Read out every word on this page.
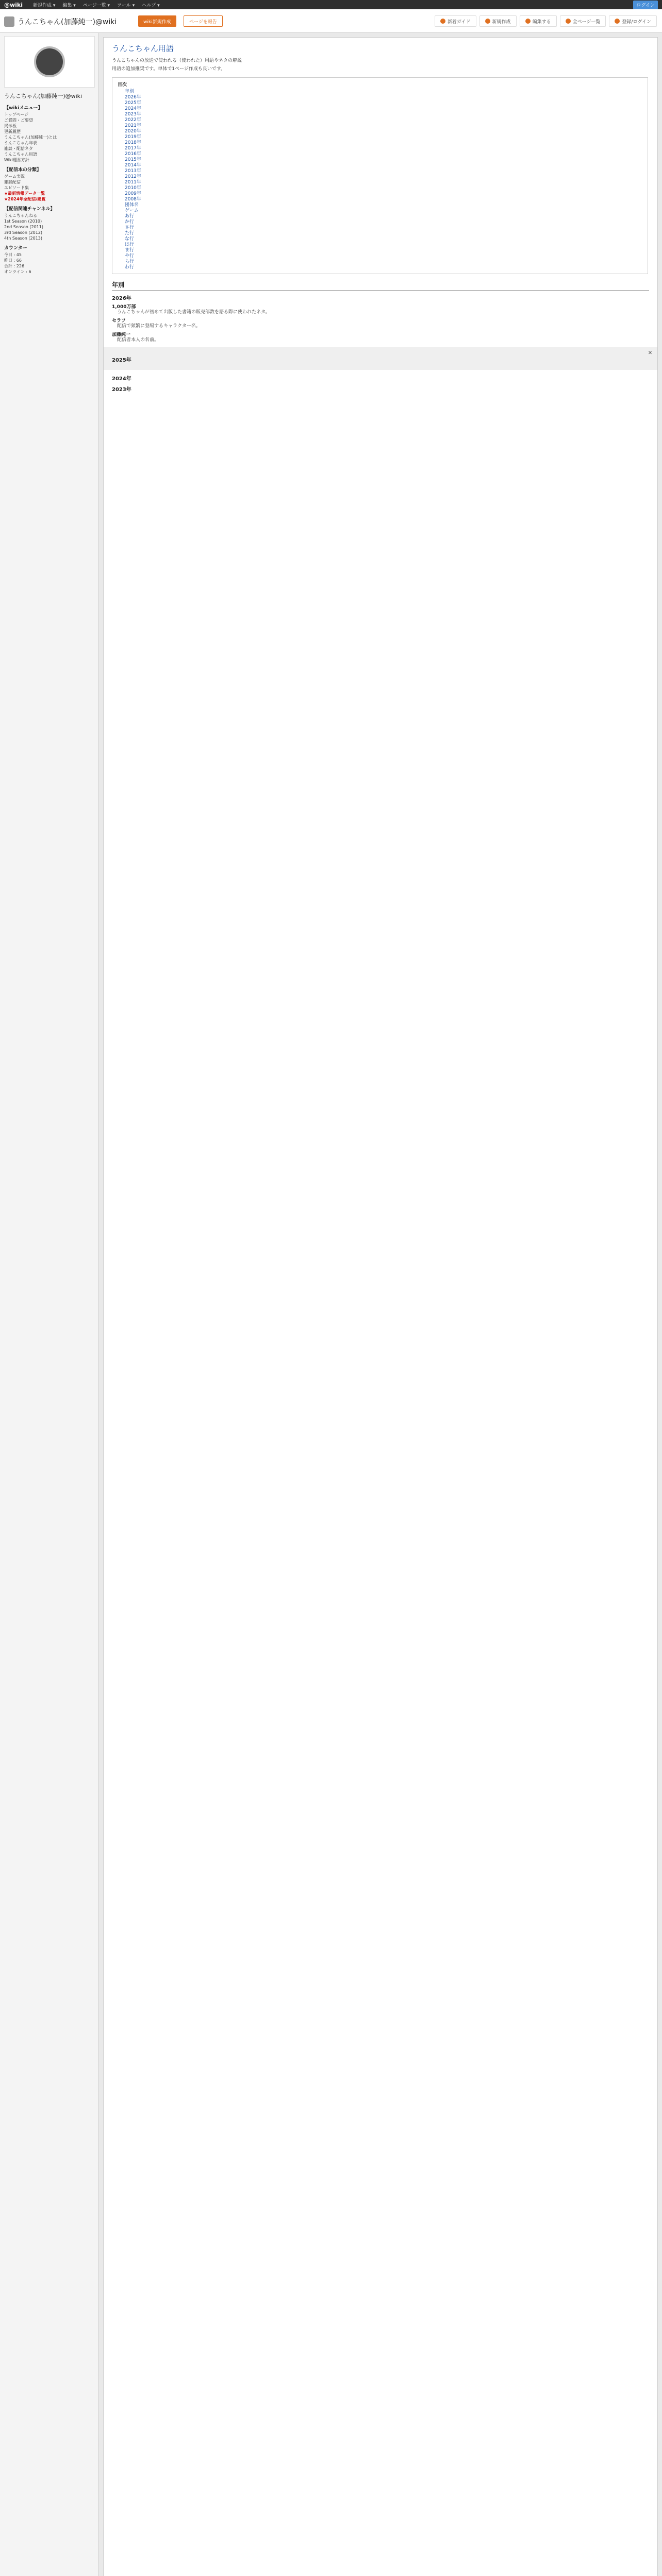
@wiki 新規作成 ▾ 編集 ▾ ページ一覧 ▾ ツール ▾ ヘルプ ▾	ログイン
うんこちゃん(加藤純一)@wiki	wiki新規作成	ページを報告	新着ガイド	新規作成	編集する	全ページ一覧	登録/ログイン
うんこちゃん(加藤純一)@wiki
【wikiメニュー】
トップページ
ご質問・ご要望
掲示板
更新履歴
うんこちゃん(加藤純一)とは
うんこちゃん年表
雑談・配信ネタ
うんこちゃん用語
Wiki運営方針
【配信本の分類】
ゲーム実況
雑談配信
エピソード集
★最新情報データ一覧
★2024年全配信/総覧
【配信関連チャンネル】
うんこちゃんねる
1st Season (2010)
2nd Season (2011)
3rd Season (2012)
4th Season (2013)
カウンター
今日 : 45
昨日 : 66
合計 : 226
オンライン : 6
うんこちゃん用語

うんこちゃんの放送で使われる（使われた）用語やネタの解説

用語の追加推奨です。単体で1ページ作成も良いです。

目次
年別
2026年
2025年
2024年
2023年
2022年
2021年
2020年
2019年
2018年
2017年
2016年
2015年
2014年
2013年
2012年
2011年
2010年
2009年
2008年
団体名
ゲーム
あ行
か行
さ行
た行
な行
は行
ま行
や行
ら行
わ行
年別
2026年
1,000万部
うんこちゃんが初めて出版した書籍の販売部数を語る際に使われたネタ。
セラフ
配信で頻繁に登場するキャラクター名。
加藤純一
配信者本人の名前。
✕
2025年
2024年
2023年
